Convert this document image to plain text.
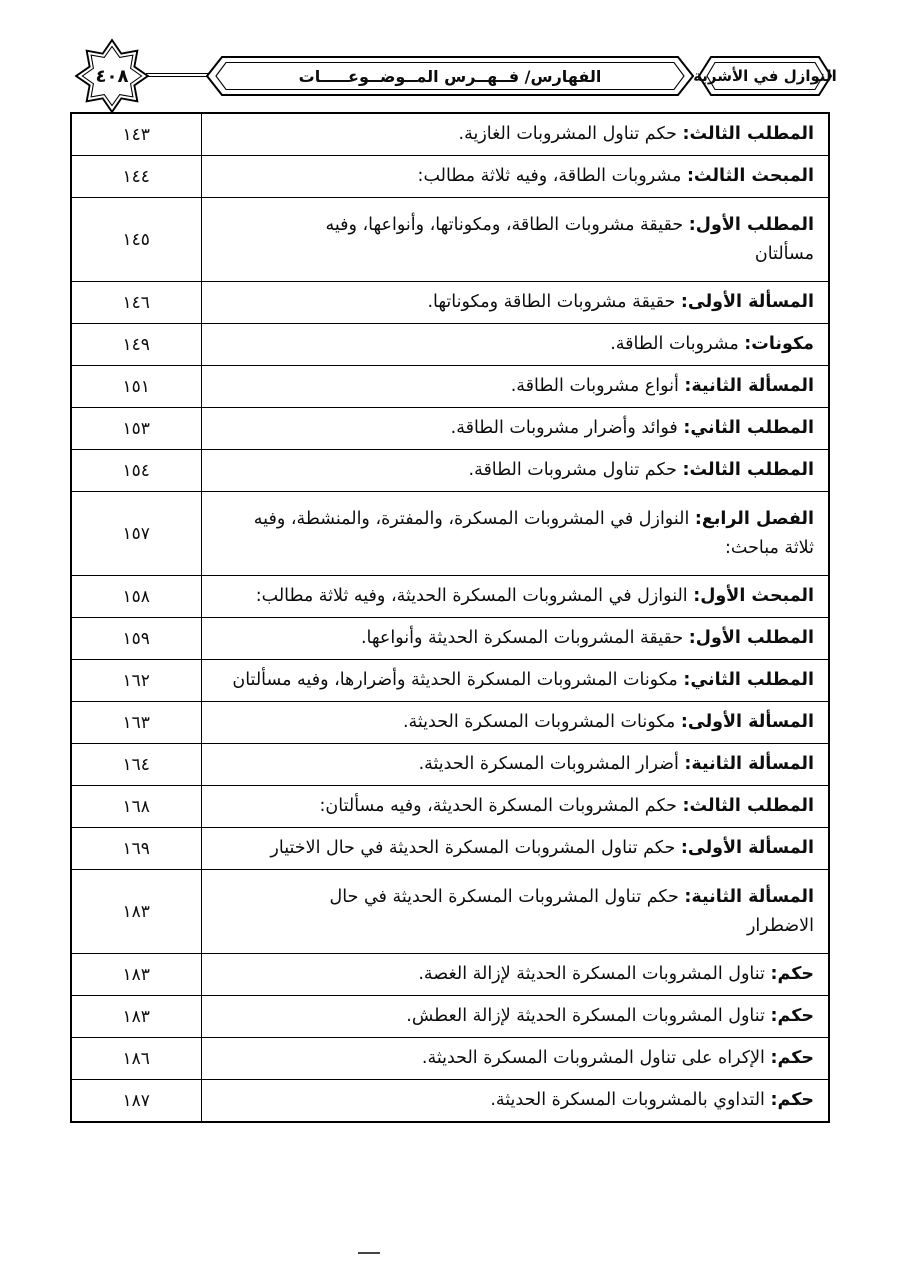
٤٠٨	الفهارس/ فــهــرس المــوضــوعـــــات	النوازل في الأشربة
المطلب الثالث: حكم تناول المشروبات الغازية.	١٤٣
المبحث الثالث: مشروبات الطاقة، وفيه ثلاثة مطالب:	١٤٤
المطلب الأول: حقيقة مشروبات الطاقة، ومكوناتها، وأنواعها، وفيه
مسألتان	١٤٥
المسألة الأولى: حقيقة مشروبات الطاقة ومكوناتها.	١٤٦
مكونات: مشروبات الطاقة.	١٤٩
المسألة الثانية: أنواع مشروبات الطاقة.	١٥١
المطلب الثاني: فوائد وأضرار مشروبات الطاقة.	١٥٣
المطلب الثالث: حكم تناول مشروبات الطاقة.	١٥٤
الفصل الرابع: النوازل في المشروبات المسكرة، والمفترة، والمنشطة، وفيه
ثلاثة مباحث:	١٥٧
المبحث الأول: النوازل في المشروبات المسكرة الحديثة، وفيه ثلاثة مطالب:	١٥٨
المطلب الأول: حقيقة المشروبات المسكرة الحديثة وأنواعها.	١٥٩
المطلب الثاني: مكونات المشروبات المسكرة الحديثة وأضرارها، وفيه مسألتان	١٦٢
المسألة الأولى: مكونات المشروبات المسكرة الحديثة.	١٦٣
المسألة الثانية: أضرار المشروبات المسكرة الحديثة.	١٦٤
المطلب الثالث: حكم المشروبات المسكرة الحديثة، وفيه مسألتان:	١٦٨
المسألة الأولى: حكم تناول المشروبات المسكرة الحديثة في حال الاختيار	١٦٩
المسألة الثانية: حكم تناول المشروبات المسكرة الحديثة في حال
الاضطرار	١٨٣
حكم: تناول المشروبات المسكرة الحديثة لإزالة الغصة.	١٨٣
حكم: تناول المشروبات المسكرة الحديثة لإزالة العطش.	١٨٣
حكم: الإكراه على تناول المشروبات المسكرة الحديثة.	١٨٦
حكم: التداوي بالمشروبات المسكرة الحديثة.	١٨٧
